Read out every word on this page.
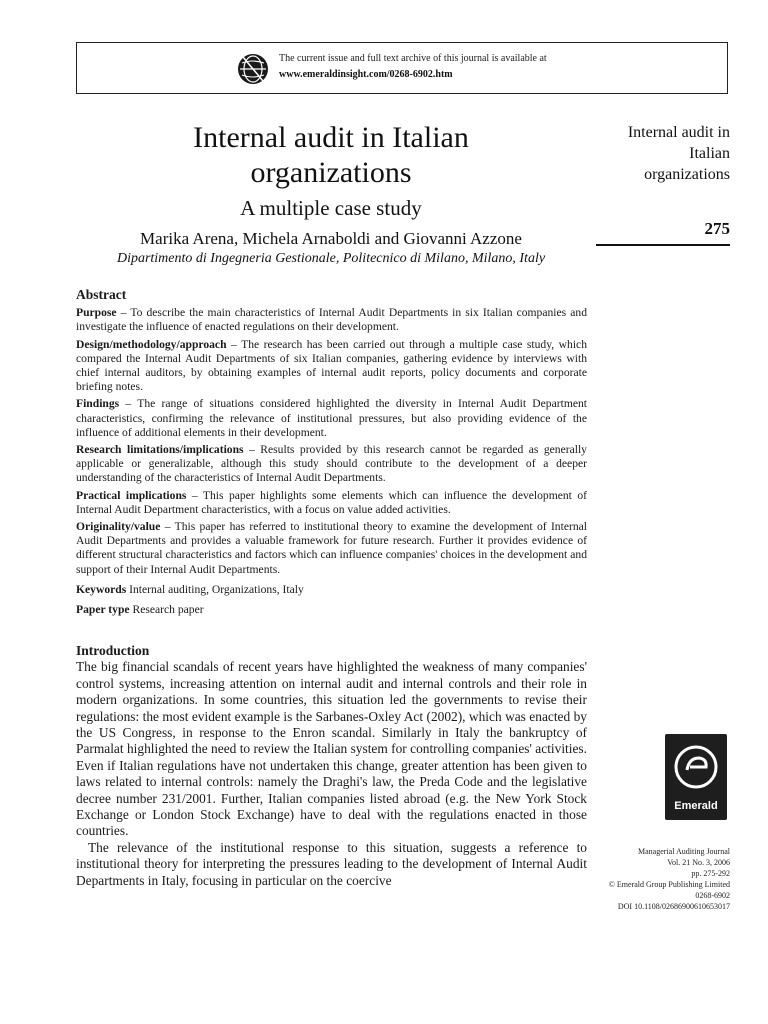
The current issue and full text archive of this journal is available at
www.emeraldinsight.com/0268-6902.htm
Internal audit in Italian
organizations
A multiple case study
Marika Arena, Michela Arnaboldi and Giovanni Azzone
Dipartimento di Ingegneria Gestionale, Politecnico di Milano, Milano, Italy
Internal audit in
Italian
organizations
275
Abstract

Purpose – To describe the main characteristics of Internal Audit Departments in six Italian companies and investigate the influence of enacted regulations on their development.

Design/methodology/approach – The research has been carried out through a multiple case study, which compared the Internal Audit Departments of six Italian companies, gathering evidence by interviews with chief internal auditors, by obtaining examples of internal audit reports, policy documents and corporate briefing notes.

Findings – The range of situations considered highlighted the diversity in Internal Audit Department characteristics, confirming the relevance of institutional pressures, but also providing evidence of the influence of additional elements in their development.

Research limitations/implications – Results provided by this research cannot be regarded as generally applicable or generalizable, although this study should contribute to the development of a deeper understanding of the characteristics of Internal Audit Departments.

Practical implications – This paper highlights some elements which can influence the development of Internal Audit Department characteristics, with a focus on value added activities.

Originality/value – This paper has referred to institutional theory to examine the development of Internal Audit Departments and provides a valuable framework for future research. Further it provides evidence of different structural characteristics and factors which can influence companies' choices in the development and support of their Internal Audit Departments.

Keywords Internal auditing, Organizations, Italy

Paper type Research paper

Introduction

The big financial scandals of recent years have highlighted the weakness of many companies' control systems, increasing attention on internal audit and internal controls and their role in modern organizations. In some countries, this situation led the governments to revise their regulations: the most evident example is the Sarbanes-Oxley Act (2002), which was enacted by the US Congress, in response to the Enron scandal. Similarly in Italy the bankruptcy of Parmalat highlighted the need to review the Italian system for controlling companies' activities. Even if Italian regulations have not undertaken this change, greater attention has been given to laws related to internal controls: namely the Draghi's law, the Preda Code and the legislative decree number 231/2001. Further, Italian companies listed abroad (e.g. the New York Stock Exchange or London Stock Exchange) have to deal with the regulations enacted in those countries.

The relevance of the institutional response to this situation, suggests a reference to institutional theory for interpreting the pressures leading to the development of Internal Audit Departments in Italy, focusing in particular on the coercive

Emerald
Managerial Auditing Journal
Vol. 21 No. 3, 2006
pp. 275-292
© Emerald Group Publishing Limited
0268-6902
DOI 10.1108/02686900610653017
